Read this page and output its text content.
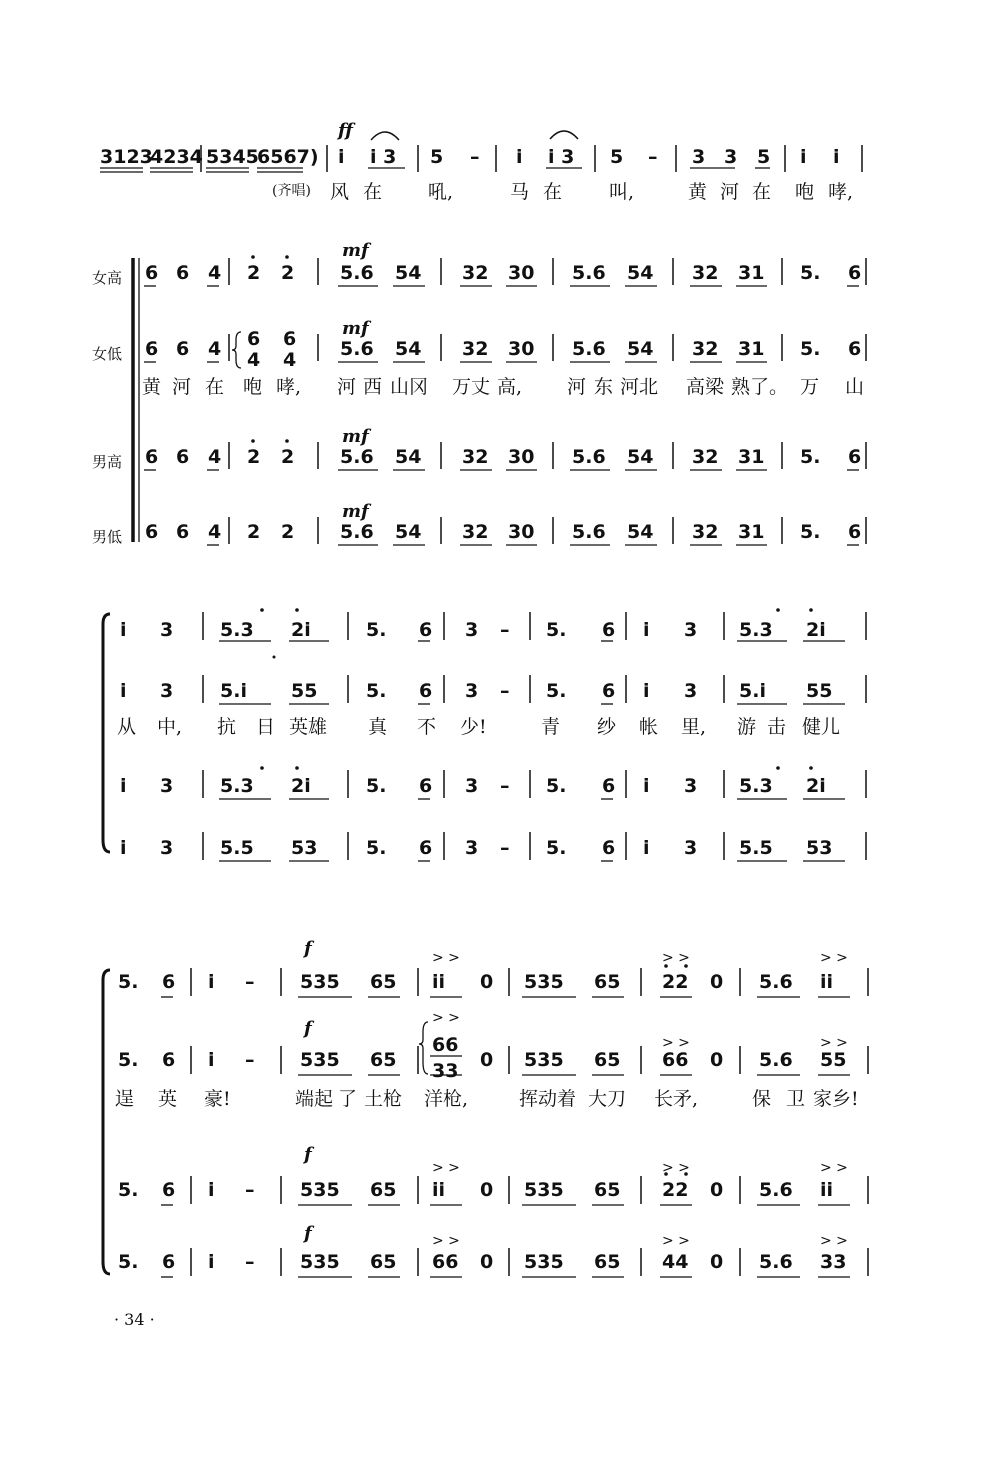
ff
3123
4234 5345
6567) i i 3 5 – i i 3 5 – 3 3 5 i i
(齐唱) 风 在 吼,	马 在 叫,	黄 河 在 咆 哮,
女高
女低
男高
男低
mf
mf
mf
mf
6 6 4 2 2 5.6 54 32 30 5.6 54 32 31 5. 6
6 6 4 6 6
4 4 5.6 54 32 30 5.6 54 32 31 5. 6
黄 河 在 咆 哮, 河 西 山冈 万丈 高, 河 东 河北 高梁 熟了。 万 山
6 6 4 2 2 5.6 54 32 30 5.6 54 32 31 5. 6
6 6 4 2 2 5.6 54 32 30 5.6 54 32 31 5. 6
i 3 5.3 2i	5. 6 3 – 5. 6 i 3 5.3 2i
i 3 5.i 55	5. 6 3 – 5. 6 i 3 5.i 55
从 中, 抗 日 英雄 真 不 少!	青 纱 帐 里, 游 击 健儿
i 3 5.3 2i	5. 6 3 – 5. 6 i 3 5.3 2i
i 3 5.5 53	5. 6 3 – 5. 6 i 3 5.5 53
f
f
f
f
> >	> >	> >
> >
> >	> >
> >	> >	> >
> >	> >	> >
5. 6 i – 535 65 ii 0 535 65 22 0 5.6 ii
5. 6 i – 535 65
66
33 0 535 65 66 0 5.6 55
逞 英 豪!	端起 了 土枪 洋枪,	挥动着 大刀 长矛,	保 卫 家乡!
5. 6 i – 535 65 ii 0 535 65 22 0 5.6 ii
5. 6 i – 535 65 66 0 535 65 44 0 5.6 33
· 34 ·
